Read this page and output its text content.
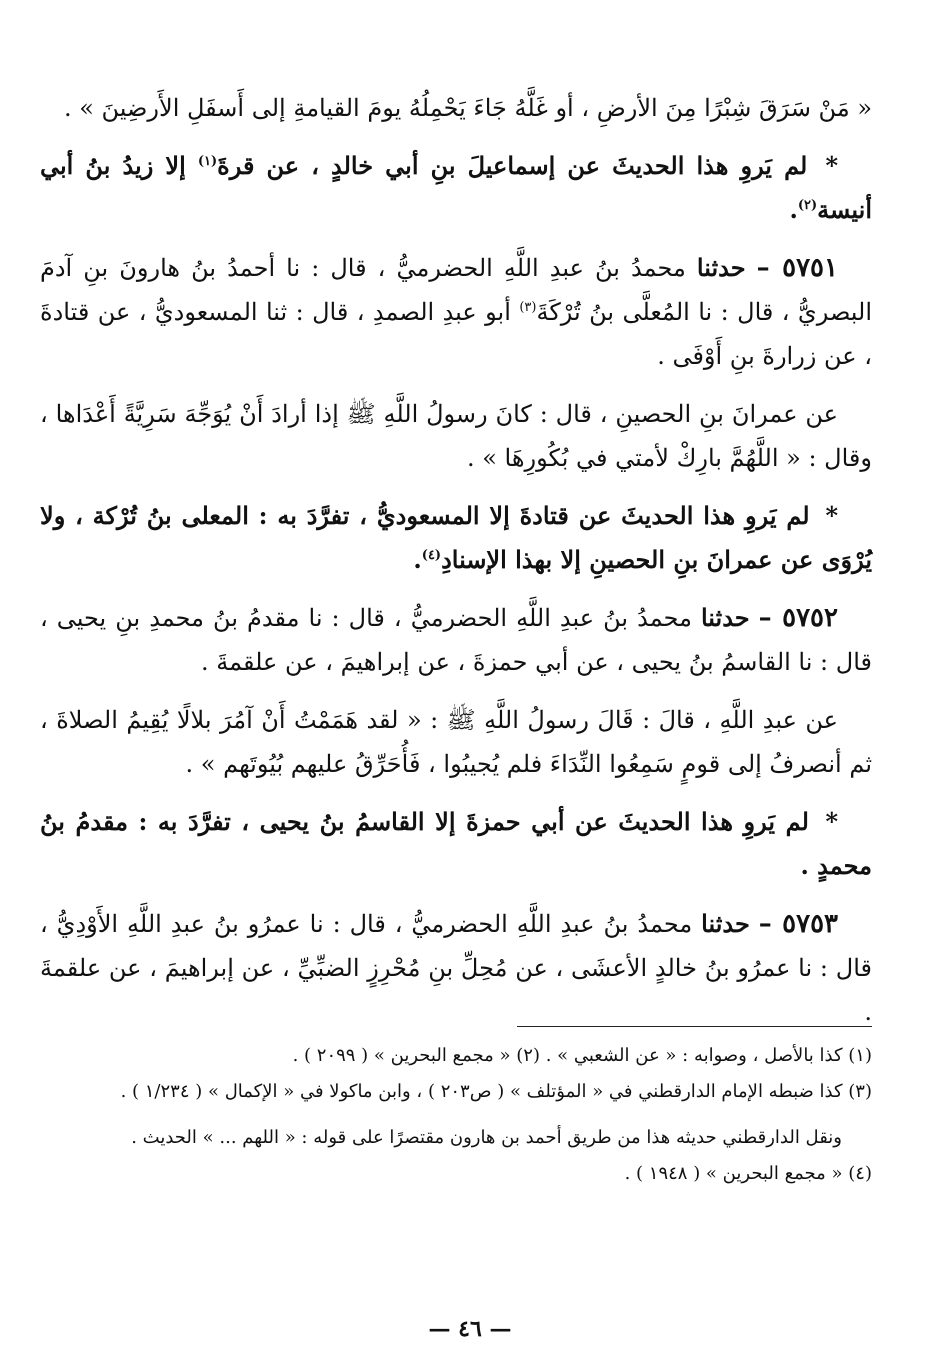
« مَنْ سَرَقَ شِبْرًا مِنَ الأرضِ ، أو غَلَّهُ جَاءَ يَحْمِلُهُ يومَ القيامةِ إلى أَسفَلِ الأَرضِينَ » .

* لم يَروِ هذا الحديثَ عن إسماعيلَ بنِ أبي خالدٍ ، عن قرةَ$^{(١)}$ إلا زيدُ بنُ أبي أنيسة$^{(٢)}$.

٥٧٥١ – حدثنا محمدُ بنُ عبدِ اللَّهِ الحضرميُّ ، قال : نا أحمدُ بنُ هارونَ بنِ آدمَ البصريُّ ، قال : نا المُعلَّى بنُ تُرْكَةَ$^{(٣)}$ أبو عبدِ الصمدِ ، قال : ثنا المسعوديُّ ، عن قتادةَ ، عن زرارةَ بنِ أَوْفَى .

عن عمرانَ بنِ الحصينِ ، قال : كانَ رسولُ اللَّهِ ﷺ إذا أرادَ أَنْ يُوَجِّهَ سَرِيَّةً أَعْدَاها ، وقال : « اللَّهُمَّ بارِكْ لأمتي في بُكُورِهَا » .

* لم يَروِ هذا الحديثَ عن قتادةَ إلا المسعوديُّ ، تفرَّدَ به : المعلى بنُ تُرْكة ، ولا يُرْوَى عن عمرانَ بنِ الحصينِ إلا بهذا الإسنادِ$^{(٤)}$.

٥٧٥٢ – حدثنا محمدُ بنُ عبدِ اللَّهِ الحضرميُّ ، قال : نا مقدمُ بنُ محمدِ بنِ يحيى ، قال : نا القاسمُ بنُ يحيى ، عن أبي حمزةَ ، عن إبراهيمَ ، عن علقمةَ .

عن عبدِ اللَّهِ ، قالَ : قَالَ رسولُ اللَّهِ ﷺ : « لقد هَمَمْتُ أَنْ آمُرَ بلالًا يُقِيمُ الصلاةَ ، ثم أنصرفُ إلى قومٍ سَمِعُوا النِّدَاءَ فلم يُجيبُوا ، فَأُحَرِّقُ عليهم بُيُوتَهم » .

* لم يَروِ هذا الحديثَ عن أبي حمزةَ إلا القاسمُ بنُ يحيى ، تفرَّدَ به : مقدمُ بنُ محمدٍ .

٥٧٥٣ – حدثنا محمدُ بنُ عبدِ اللَّهِ الحضرميُّ ، قال : نا عمرُو بنُ عبدِ اللَّهِ الأَوْدِيُّ ، قال : نا عمرُو بنُ خالدٍ الأعشَى ، عن مُحِلِّ بنِ مُحْرِزٍ الضبِّيِّ ، عن إبراهيمَ ، عن علقمةَ .

(١) كذا بالأصل ، وصوابه : « عن الشعبي » . (٢) « مجمع البحرين » ( ٢٠٩٩ ) .

(٣) كذا ضبطه الإمام الدارقطني في « المؤتلف » ( ص٢٠٣ ) ، وابن ماكولا في « الإكمال » ( ١/٢٣٤ ) .

ونقل الدارقطني حديثه هذا من طريق أحمد بن هارون مقتصرًا على قوله : « اللهم ... » الحديث .

(٤) « مجمع البحرين » ( ١٩٤٨ ) .

— ٤٦ —
